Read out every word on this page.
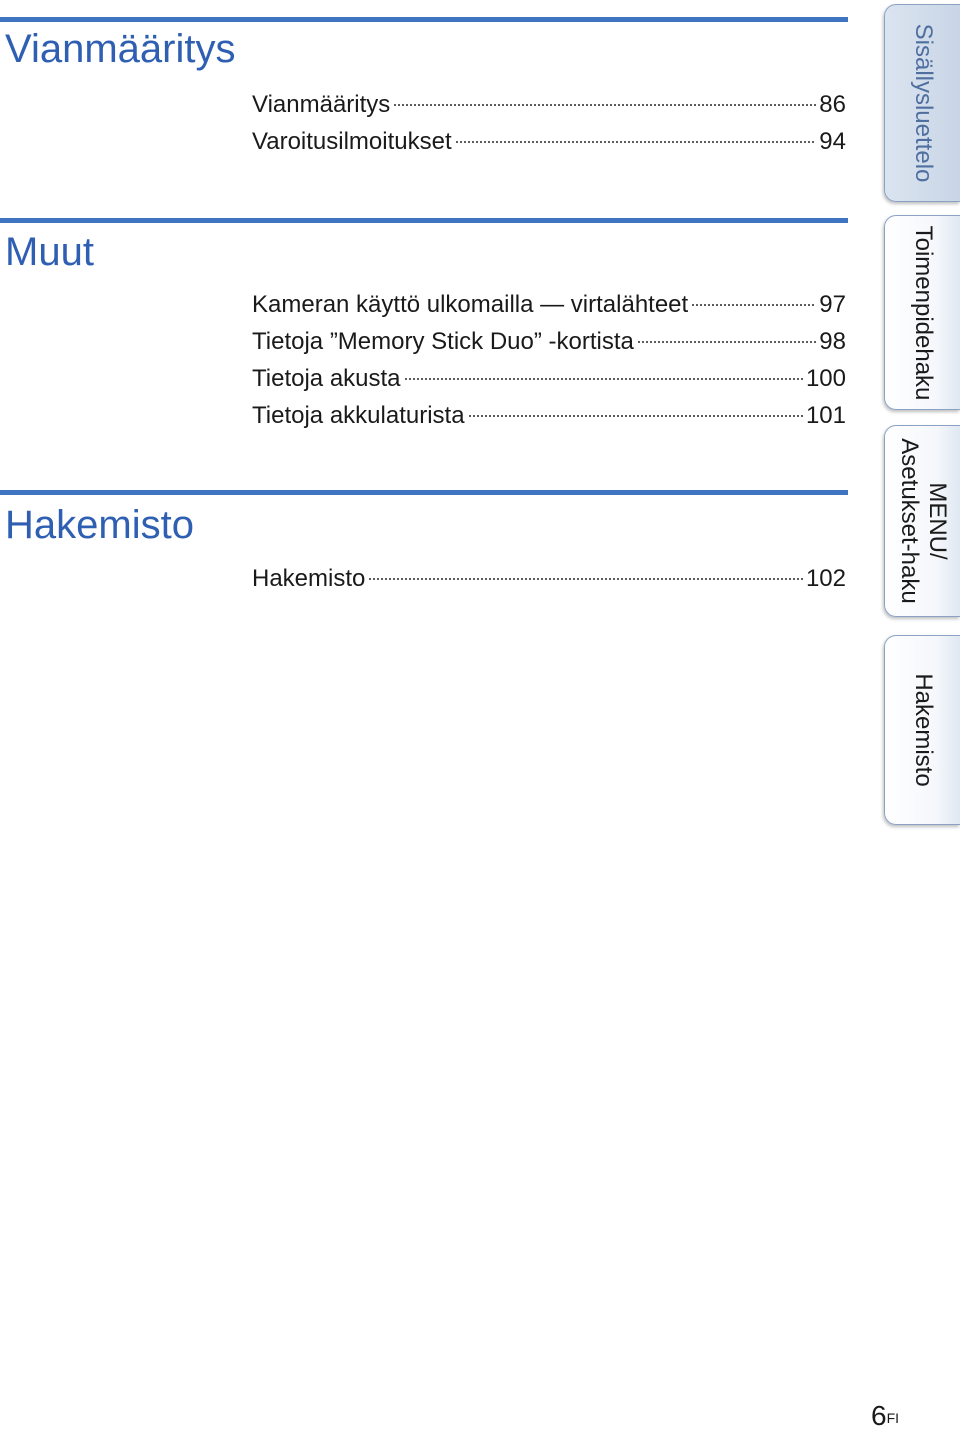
Vianmääritys
Vianmääritys	86
Varoitusilmoitukset	94
Muut
Kameran käyttö ulkomailla — virtalähteet	97
Tietoja ”Memory Stick Duo” -kortista	98
Tietoja akusta	100
Tietoja akkulaturista	101
Hakemisto
Hakemisto	102
Sisällysluettelo
Toimenpidehaku
MENU/
Asetukset-haku
Hakemisto
$6^{FI}$
